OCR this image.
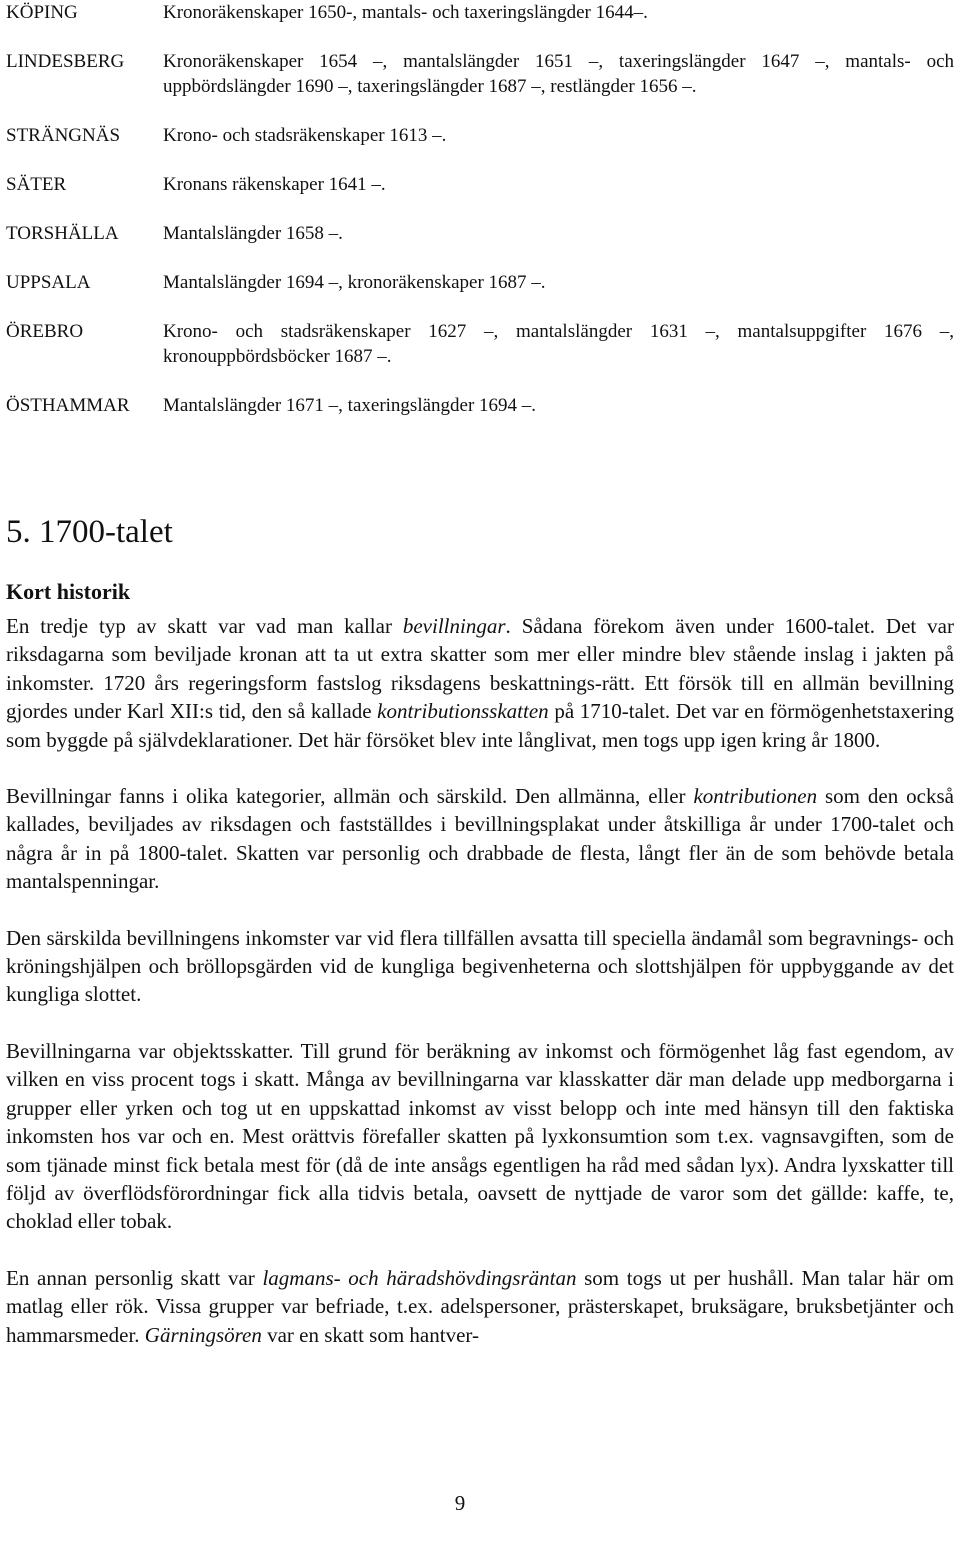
KÖPING	Kronoräkenskaper 1650-, mantals- och taxeringslängder 1644–.
LINDESBERG	Kronoräkenskaper 1654 –, mantalslängder 1651 –, taxeringslängder 1647 –, mantals- och uppbördslängder 1690 –, taxeringslängder 1687 –, restlängder 1656 –.
STRÄNGNÄS	Krono- och stadsräkenskaper 1613 –.
SÄTER	Kronans räkenskaper 1641 –.
TORSHÄLLA	Mantalslängder 1658 –.
UPPSALA	Mantalslängder 1694 –, kronoräkenskaper 1687 –.
ÖREBRO	Krono- och stadsräkenskaper 1627 –, mantalslängder 1631 –, mantalsuppgifter 1676 –, kronouppbördsböcker 1687 –.
ÖSTHAMMAR	Mantalslängder 1671 –, taxeringslängder 1694 –.
5. 1700-talet
Kort historik

En tredje typ av skatt var vad man kallar bevillningar. Sådana förekom även under 1600-talet. Det var riksdagarna som beviljade kronan att ta ut extra skatter som mer eller mindre blev stående inslag i jakten på inkomster. 1720 års regeringsform fastslog riksdagens beskattnings-rätt. Ett försök till en allmän bevillning gjordes under Karl XII:s tid, den så kallade kontributionsskatten på 1710-talet. Det var en förmögenhetstaxering som byggde på självdeklarationer. Det här försöket blev inte långlivat, men togs upp igen kring år 1800.

Bevillningar fanns i olika kategorier, allmän och särskild. Den allmänna, eller kontributionen som den också kallades, beviljades av riksdagen och fastställdes i bevillningsplakat under åtskilliga år under 1700-talet och några år in på 1800-talet. Skatten var personlig och drabbade de flesta, långt fler än de som behövde betala mantalspenningar.

Den särskilda bevillningens inkomster var vid flera tillfällen avsatta till speciella ändamål som begravnings- och kröningshjälpen och bröllopsgärden vid de kungliga begivenheterna och slottshjälpen för uppbyggande av det kungliga slottet.

Bevillningarna var objektsskatter. Till grund för beräkning av inkomst och förmögenhet låg fast egendom, av vilken en viss procent togs i skatt. Många av bevillningarna var klasskatter där man delade upp medborgarna i grupper eller yrken och tog ut en uppskattad inkomst av visst belopp och inte med hänsyn till den faktiska inkomsten hos var och en. Mest orättvis förefaller skatten på lyxkonsumtion som t.ex. vagnsavgiften, som de som tjänade minst fick betala mest för (då de inte ansågs egentligen ha råd med sådan lyx). Andra lyxskatter till följd av överflödsförordningar fick alla tidvis betala, oavsett de nyttjade de varor som det gällde: kaffe, te, choklad eller tobak.

En annan personlig skatt var lagmans- och häradshövdingsräntan som togs ut per hushåll. Man talar här om matlag eller rök. Vissa grupper var befriade, t.ex. adelspersoner, prästerskapet, bruksägare, bruksbetjänter och hammarsmeder. Gärningsören var en skatt som hantver-

9
